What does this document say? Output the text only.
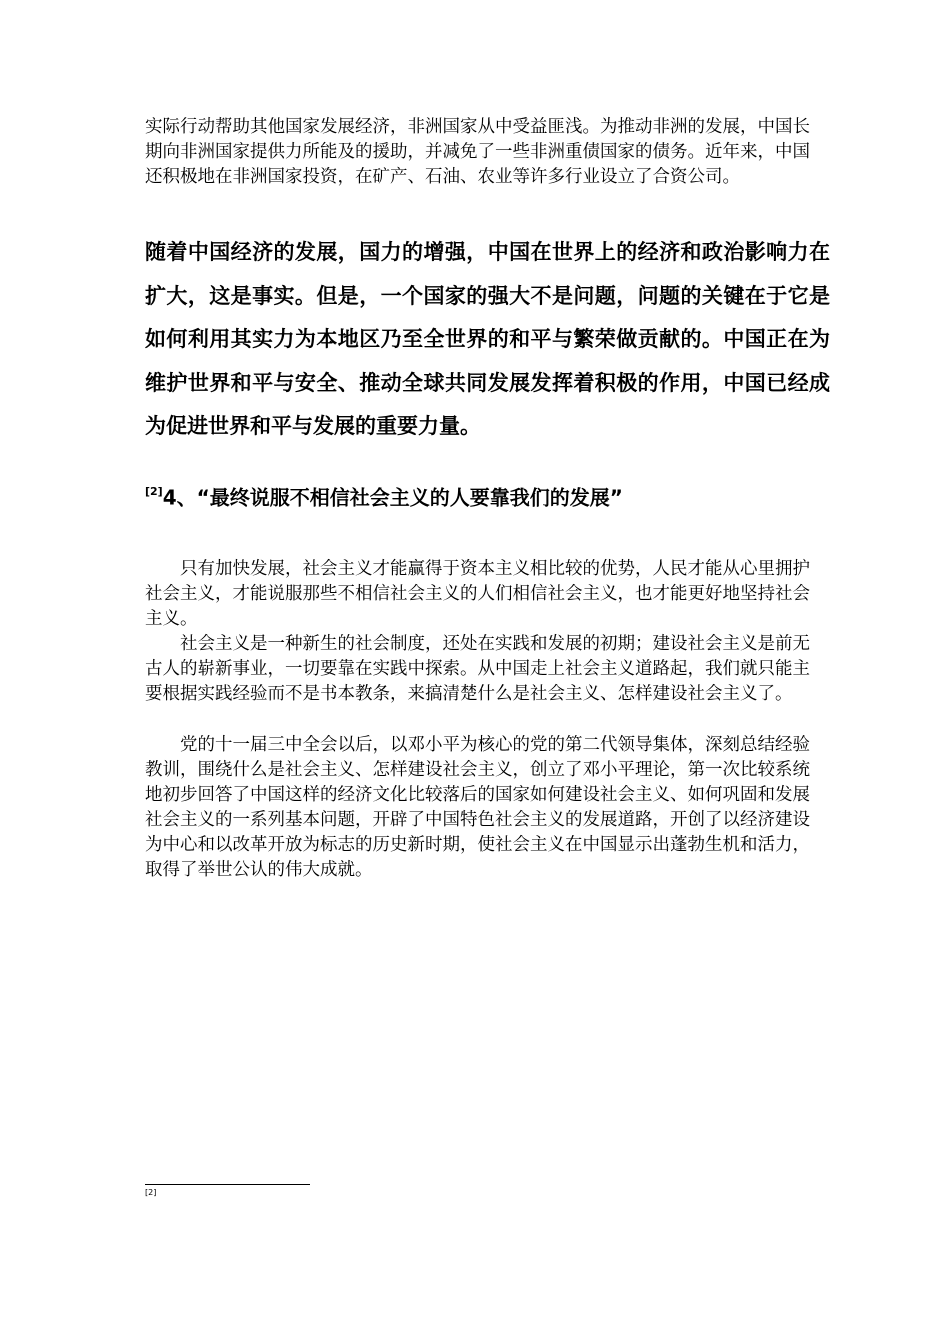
实际行动帮助其他国家发展经济，非洲国家从中受益匪浅。为推动非洲的发展，中国长期向非洲国家提供力所能及的援助，并减免了一些非洲重债国家的债务。近年来，中国还积极地在非洲国家投资，在矿产、石油、农业等许多行业设立了合资公司。

随着中国经济的发展，国力的增强，中国在世界上的经济和政治影响力在扩大，这是事实。但是，一个国家的强大不是问题，问题的关键在于它是如何利用其实力为本地区乃至全世界的和平与繁荣做贡献的。中国正在为维护世界和平与安全、推动全球共同发展发挥着积极的作用，中国已经成为促进世界和平与发展的重要力量。

[2]4、“最终说服不相信社会主义的人要靠我们的发展”

只有加快发展，社会主义才能赢得于资本主义相比较的优势，人民才能从心里拥护社会主义，才能说服那些不相信社会主义的人们相信社会主义，也才能更好地坚持社会主义。

社会主义是一种新生的社会制度，还处在实践和发展的初期；建设社会主义是前无古人的崭新事业，一切要靠在实践中探索。从中国走上社会主义道路起，我们就只能主要根据实践经验而不是书本教条，来搞清楚什么是社会主义、怎样建设社会主义了。

党的十一届三中全会以后，以邓小平为核心的党的第二代领导集体，深刻总结经验教训，围绕什么是社会主义、怎样建设社会主义，创立了邓小平理论，第一次比较系统地初步回答了中国这样的经济文化比较落后的国家如何建设社会主义、如何巩固和发展社会主义的一系列基本问题，开辟了中国特色社会主义的发展道路，开创了以经济建设为中心和以改革开放为标志的历史新时期，使社会主义在中国显示出蓬勃生机和活力，取得了举世公认的伟大成就。

[2]
